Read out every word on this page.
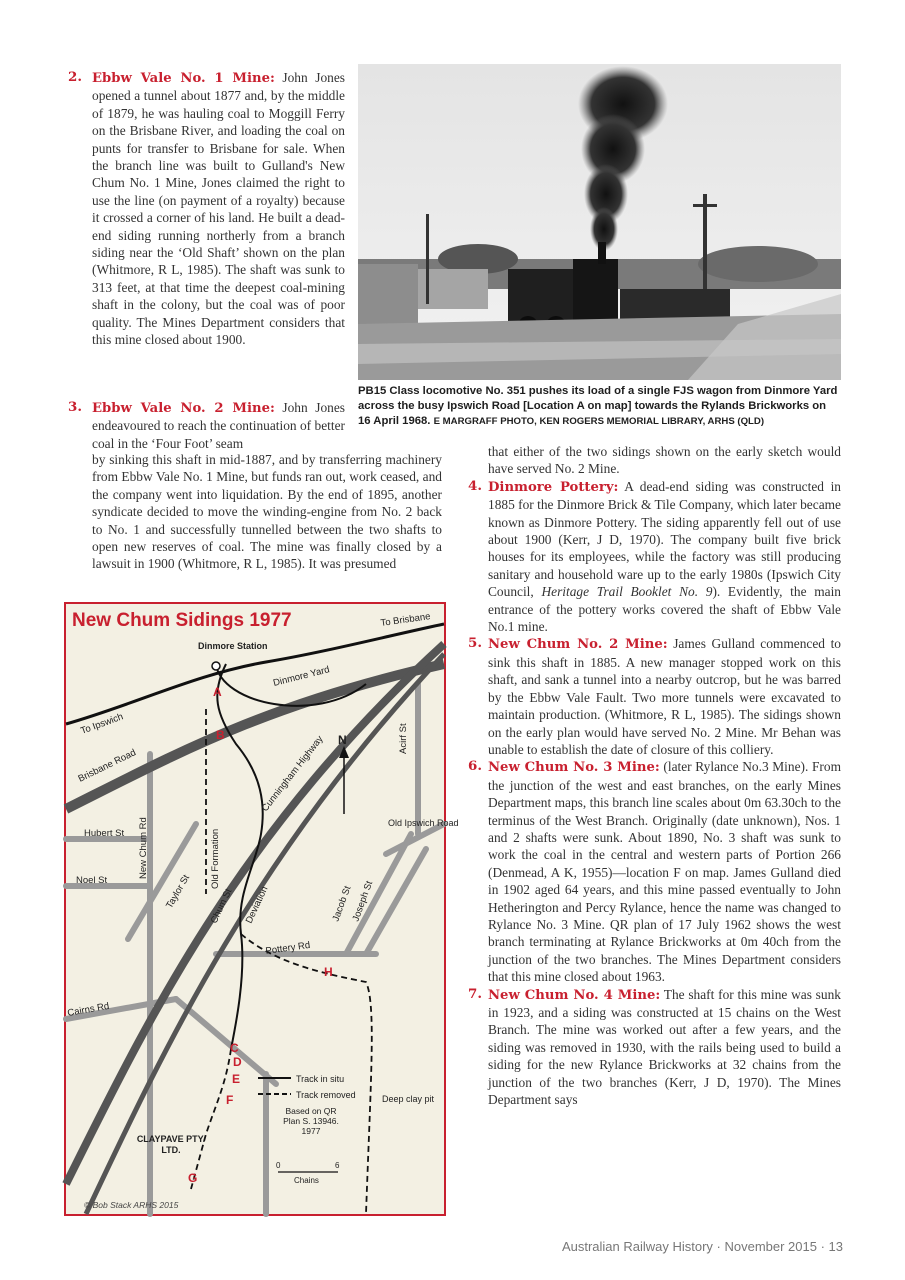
2. Ebbw Vale No. 1 Mine: John Jones opened a tunnel about 1877 and, by the middle of 1879, he was hauling coal to Moggill Ferry on the Brisbane River, and loading the coal on punts for transfer to Brisbane for sale. When the branch line was built to Gulland's New Chum No. 1 Mine, Jones claimed the right to use the line (on payment of a royalty) because it crossed a corner of his land. He built a dead-end siding running northerly from a branch siding near the ‘Old Shaft’ shown on the plan (Whitmore, R L, 1985). The shaft was sunk to 313 feet, at that time the deepest coal-mining shaft in the colony, but the coal was of poor quality. The Mines Department considers that this mine closed about 1900.
3. Ebbw Vale No. 2 Mine: John Jones endeavoured to reach the continuation of better coal in the ‘Four Foot’ seam
by sinking this shaft in mid-1887, and by transferring machinery from Ebbw Vale No. 1 Mine, but funds ran out, work ceased, and the company went into liquidation. By the end of 1895, another syndicate decided to move the winding-engine from No. 2 back to No. 1 and successfully tunnelled between the two shafts to open new reserves of coal. The mine was finally closed by a lawsuit in 1900 (Whitmore, R L, 1985). It was presumed
PB15 Class locomotive No. 351 pushes its load of a single FJS wagon from Dinmore Yard across the busy Ipswich Road [Location A on map] towards the Rylands Brickworks on 16 April 1968. E MARGRAFF PHOTO, KEN ROGERS MEMORIAL LIBRARY, ARHS (QLD)

that either of the two sidings shown on the early sketch would have served No. 2 Mine.

4. Dinmore Pottery: A dead-end siding was constructed in 1885 for the Dinmore Brick & Tile Company, which later became known as Dinmore Pottery. The siding apparently fell out of use about 1900 (Kerr, J D, 1970). The company built five brick houses for its employees, while the factory was still producing sanitary and household ware up to the early 1980s (Ipswich City Council, Heritage Trail Booklet No. 9). Evidently, the main entrance of the pottery works covered the shaft of Ebbw Vale No.1 mine.

5. New Chum No. 2 Mine: James Gulland commenced to sink this shaft in 1885. A new manager stopped work on this shaft, and sank a tunnel into a nearby outcrop, but he was barred by the Ebbw Vale Fault. Two more tunnels were excavated to maintain production. (Whitmore, R L, 1985). The sidings shown on the early plan would have served No. 2 Mine. Mr Behan was unable to establish the date of closure of this colliery.

6. New Chum No. 3 Mine: (later Rylance No.3 Mine). From the junction of the west and east branches, on the early Mines Department maps, this branch line scales about 0m 63.30ch to the terminus of the West Branch. Originally (date unknown), Nos. 1 and 2 shafts were sunk. About 1890, No. 3 shaft was sunk to work the coal in the central and western parts of Portion 266 (Denmead, A K, 1955)—location F on map. James Gulland died in 1902 aged 64 years, and this mine passed eventually to John Hetherington and Percy Rylance, hence the name was changed to Rylance No. 3 Mine. QR plan of 17 July 1962 shows the west branch terminating at Rylance Brickworks at 0m 40ch from the junction of the two branches. The Mines Department considers that this mine closed about 1963.

7. New Chum No. 4 Mine: The shaft for this mine was sunk in 1923, and a siding was constructed at 15 chains on the West Branch. The mine was worked out after a few years, and the siding was removed in 1930, with the rails being used to build a siding for the new Rylance Brickworks at 32 chains from the junction of the two branches (Kerr, J D, 1970). The Mines Department says

New Chum Sidings 1977	To Brisbane
To Ipswich
Dinmore Station
Dinmore Yard
Brisbane Road	Cunningham Highway	Acirf St
N
Old Ipswich Road
Hubert St New Chum Rd	Old Formation
Noel St	Taylor St Chum St Deviation	Jacob St
Joseph St
Pottery Rd
Cairns Rd
A
B
C
D
E
F
G
H
Track in situ
Track removed
Based on QR Plan S. 13946. 1977
0	6
Chains
Deep clay pit
CLAYPAVE PTY. LTD.
© Bob Stack ARHS 2015
Australian Railway History · November 2015 · 13
